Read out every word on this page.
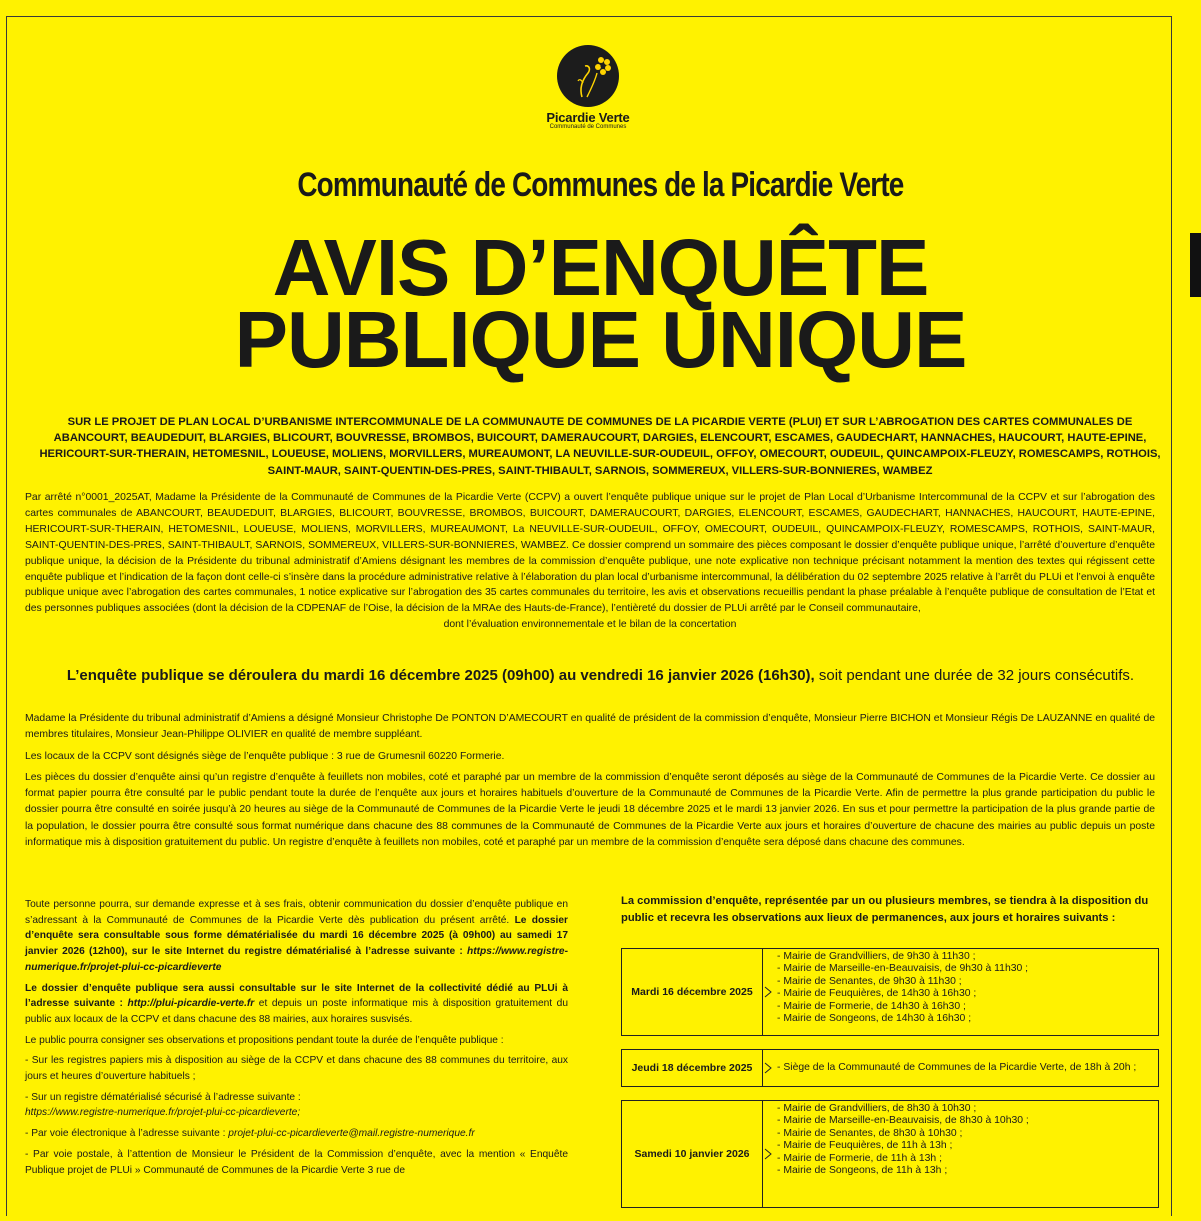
Picardie Verte
Communauté de Communes
Communauté de Communes de la Picardie Verte
AVIS D’ENQUÊTE
PUBLIQUE UNIQUE
SUR LE PROJET DE PLAN LOCAL D’URBANISME INTERCOMMUNALE DE LA COMMUNAUTE DE COMMUNES DE LA PICARDIE VERTE (PLUI) ET SUR L’ABROGATION DES CARTES COMMUNALES DE ABANCOURT, BEAUDEDUIT, BLARGIES, BLICOURT, BOUVRESSE, BROMBOS, BUICOURT, DAMERAUCOURT, DARGIES, ELENCOURT, ESCAMES, GAUDECHART, HANNACHES, HAUCOURT, HAUTE-EPINE, HERICOURT-SUR-THERAIN, HETOMESNIL, LOUEUSE, MOLIENS, MORVILLERS, MUREAUMONT, LA NEUVILLE-SUR-OUDEUIL, OFFOY, OMECOURT, OUDEUIL, QUINCAMPOIX-FLEUZY, ROMESCAMPS, ROTHOIS, SAINT-MAUR, SAINT-QUENTIN-DES-PRES, SAINT-THIBAULT, SARNOIS, SOMMEREUX, VILLERS-SUR-BONNIERES, WAMBEZ
Par arrêté n°0001_2025AT, Madame la Présidente de la Communauté de Communes de la Picardie Verte (CCPV) a ouvert l’enquête publique unique sur le projet de Plan Local d’Urbanisme Intercommunal de la CCPV et sur l’abrogation des cartes communales de ABANCOURT, BEAUDEDUIT, BLARGIES, BLICOURT, BOUVRESSE, BROMBOS, BUICOURT, DAMERAUCOURT, DARGIES, ELENCOURT, ESCAMES, GAUDECHART, HANNACHES, HAUCOURT, HAUTE-EPINE, HERICOURT-SUR-THERAIN, HETOMESNIL, LOUEUSE, MOLIENS, MORVILLERS, MUREAUMONT, La NEUVILLE-SUR-OUDEUIL, OFFOY, OMECOURT, OUDEUIL, QUINCAMPOIX-FLEUZY, ROMESCAMPS, ROTHOIS, SAINT-MAUR, SAINT-QUENTIN-DES-PRES, SAINT-THIBAULT, SARNOIS, SOMMEREUX, VILLERS-SUR-BONNIERES, WAMBEZ. Ce dossier comprend un sommaire des pièces composant le dossier d’enquête publique unique, l’arrêté d’ouverture d’enquête publique unique, la décision de la Présidente du tribunal administratif d’Amiens désignant les membres de la commission d’enquête publique, une note explicative non technique précisant notamment la mention des textes qui régissent cette enquête publique et l’indication de la façon dont celle-ci s’insère dans la procédure administrative relative à l’élaboration du plan local d’urbanisme intercommunal, la délibération du 02 septembre 2025 relative à l’arrêt du PLUi et l’envoi à enquête publique unique avec l’abrogation des cartes communales, 1 notice explicative sur l’abrogation des 35 cartes communales du territoire, les avis et observations recueillis pendant la phase préalable à l’enquête publique de consultation de l’Etat et des personnes publiques associées (dont la décision de la CDPENAF de l’Oise, la décision de la MRAe des Hauts-de-France), l’entièreté du dossier de PLUi arrêté par le Conseil communautaire,
dont l’évaluation environnementale et le bilan de la concertation
L’enquête publique se déroulera du mardi 16 décembre 2025 (09h00) au vendredi 16 janvier 2026 (16h30), soit pendant une durée de 32 jours consécutifs.

Madame la Présidente du tribunal administratif d’Amiens a désigné Monsieur Christophe De PONTON D’AMECOURT en qualité de président de la commission d’enquête, Monsieur Pierre BICHON et Monsieur Régis De LAUZANNE en qualité de membres titulaires, Monsieur Jean-Philippe OLIVIER en qualité de membre suppléant.

Les locaux de la CCPV sont désignés siège de l’enquête publique : 3 rue de Grumesnil 60220 Formerie.

Les pièces du dossier d’enquête ainsi qu’un registre d’enquête à feuillets non mobiles, coté et paraphé par un membre de la commission d’enquête seront déposés au siège de la Communauté de Communes de la Picardie Verte. Ce dossier au format papier pourra être consulté par le public pendant toute la durée de l’enquête aux jours et horaires habituels d’ouverture de la Communauté de Communes de la Picardie Verte. Afin de permettre la plus grande participation du public le dossier pourra être consulté en soirée jusqu’à 20 heures au siège de la Communauté de Communes de la Picardie Verte le jeudi 18 décembre 2025 et le mardi 13 janvier 2026. En sus et pour permettre la participation de la plus grande partie de la population, le dossier pourra être consulté sous format numérique dans chacune des 88 communes de la Communauté de Communes de la Picardie Verte aux jours et horaires d’ouverture de chacune des mairies au public depuis un poste informatique mis à disposition gratuitement du public. Un registre d’enquête à feuillets non mobiles, coté et paraphé par un membre de la commission d’enquête sera déposé dans chacune des communes.

Toute personne pourra, sur demande expresse et à ses frais, obtenir communication du dossier d’enquête publique en s’adressant à la Communauté de Communes de la Picardie Verte dès publication du présent arrêté. Le dossier d’enquête sera consultable sous forme dématérialisée du mardi 16 décembre 2025 (à 09h00) au samedi 17 janvier 2026 (12h00), sur le site Internet du registre dématérialisé à l’adresse suivante : https://www.registre-numerique.fr/projet-plui-cc-picardieverte

Le dossier d’enquête publique sera aussi consultable sur le site Internet de la collectivité dédié au PLUi à l’adresse suivante : http://plui-picardie-verte.fr et depuis un poste informatique mis à disposition gratuitement du public aux locaux de la CCPV et dans chacune des 88 mairies, aux horaires susvisés.

Le public pourra consigner ses observations et propositions pendant toute la durée de l’enquête publique :

- Sur les registres papiers mis à disposition au siège de la CCPV et dans chacune des 88 communes du territoire, aux jours et heures d’ouverture habituels ;

- Sur un registre dématérialisé sécurisé à l’adresse suivante :
https://www.registre-numerique.fr/projet-plui-cc-picardieverte;

- Par voie électronique à l’adresse suivante : projet-plui-cc-picardieverte@mail.registre-numerique.fr

- Par voie postale, à l’attention de Monsieur le Président de la Commission d’enquête, avec la mention « Enquête Publique projet de PLUi » Communauté de Communes de la Picardie Verte 3 rue de

La commission d’enquête, représentée par un ou plusieurs membres, se tiendra à la disposition du public et recevra les observations aux lieux de permanences, aux jours et horaires suivants :
Mardi 16 décembre 2025
- Mairie de Grandvilliers, de 9h30 à 11h30 ;
- Mairie de Marseille-en-Beauvaisis, de 9h30 à 11h30 ;
- Mairie de Senantes, de 9h30 à 11h30 ;
- Mairie de Feuquières, de 14h30 à 16h30 ;
- Mairie de Formerie, de 14h30 à 16h30 ;
- Mairie de Songeons, de 14h30 à 16h30 ;
Jeudi 18 décembre 2025	- Siège de la Communauté de Communes de la Picardie Verte, de 18h à 20h ;
Samedi 10 janvier 2026
- Mairie de Grandvilliers, de 8h30 à 10h30 ;
- Mairie de Marseille-en-Beauvaisis, de 8h30 à 10h30 ;
- Mairie de Senantes, de 8h30 à 10h30 ;
- Mairie de Feuquières, de 11h à 13h ;
- Mairie de Formerie, de 11h à 13h ;
- Mairie de Songeons, de 11h à 13h ;
